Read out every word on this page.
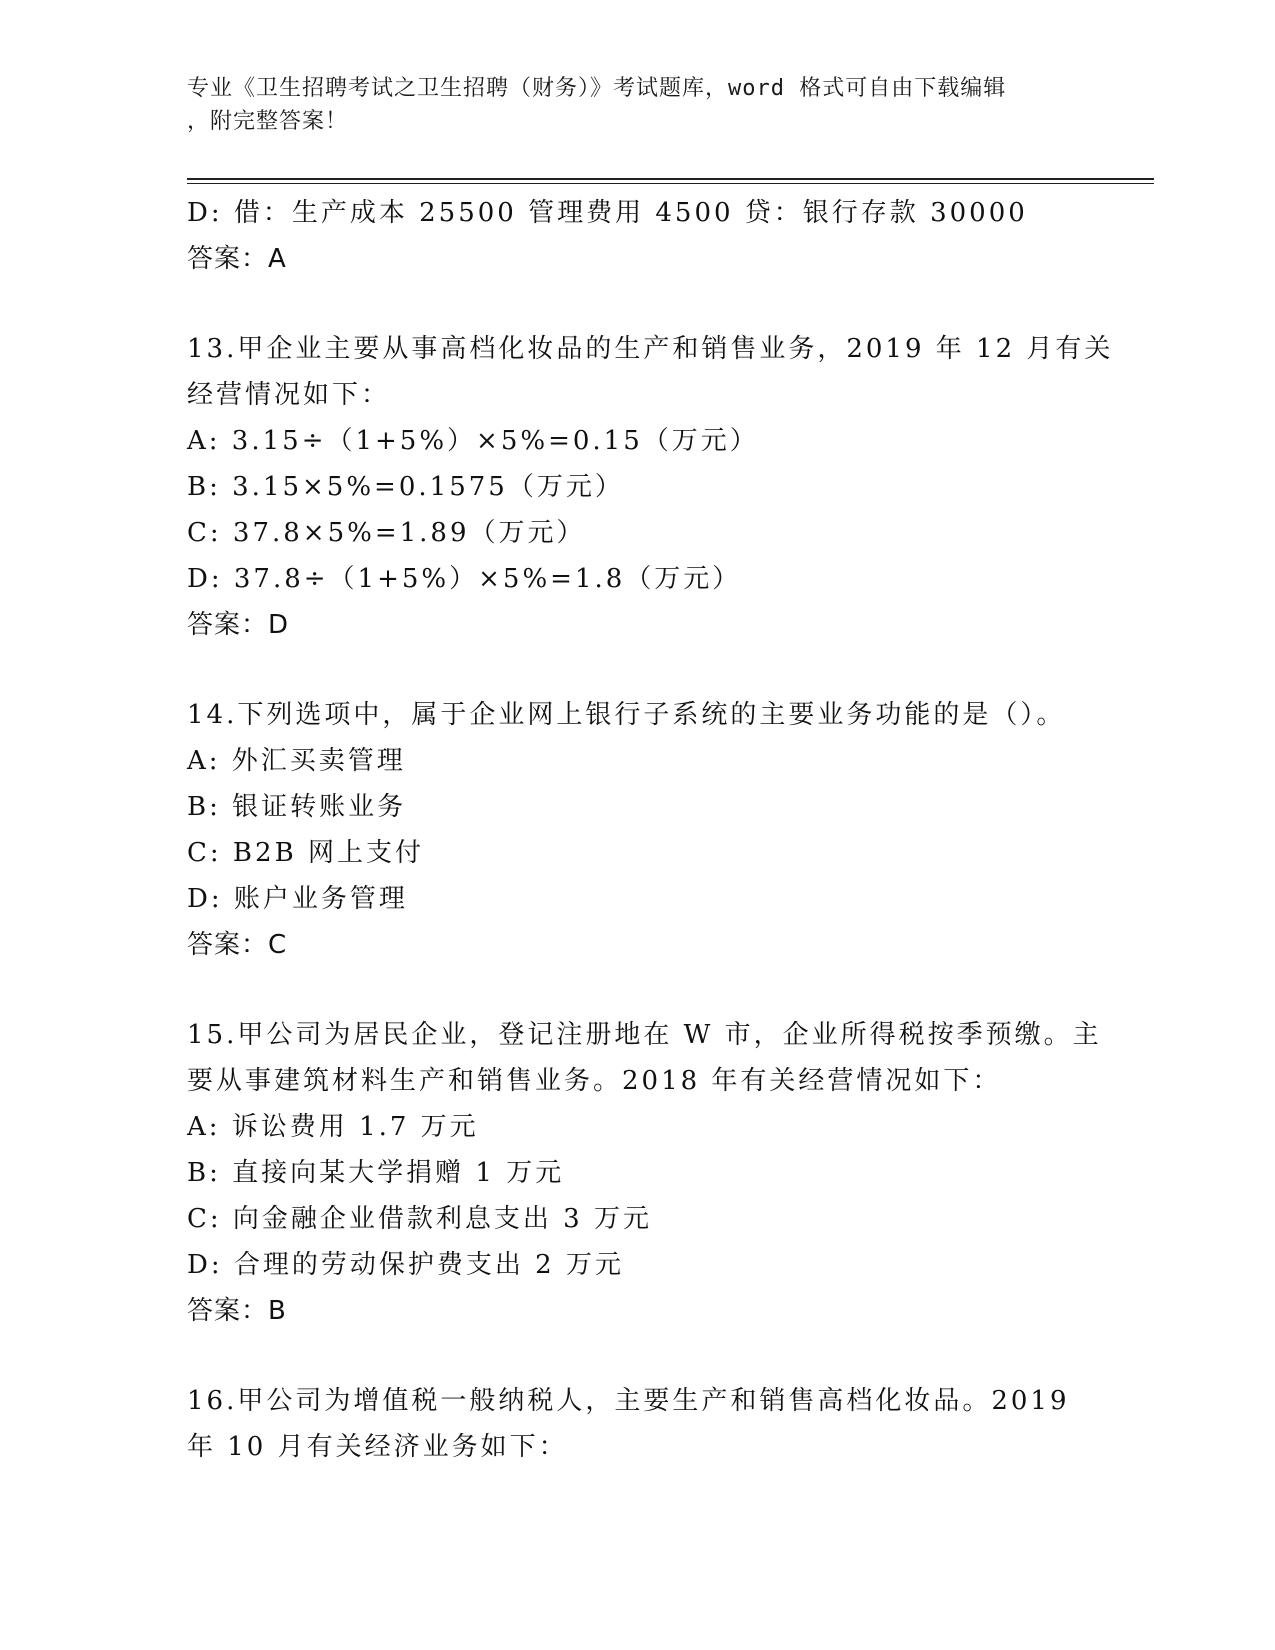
专业《卫生招聘考试之卫生招聘（财务）》考试题库，word 格式可自由下载编辑
，附完整答案！
D: 借：生产成本 25500 管理费用 4500 贷：银行存款 30000
答案：A
13.甲企业主要从事高档化妆品的生产和销售业务，2019 年 12 月有关
经营情况如下：
A: 3.15÷（1+5%）×5%=0.15（万元）
B: 3.15×5%=0.1575（万元）
C: 37.8×5%=1.89（万元）
D: 37.8÷（1+5%）×5%=1.8（万元）
答案：D
14.下列选项中，属于企业网上银行子系统的主要业务功能的是（）。
A: 外汇买卖管理
B: 银证转账业务
C: B2B 网上支付
D: 账户业务管理
答案：C
15.甲公司为居民企业，登记注册地在 W 市，企业所得税按季预缴。主
要从事建筑材料生产和销售业务。2018 年有关经营情况如下：
A: 诉讼费用 1.7 万元
B: 直接向某大学捐赠 1 万元
C: 向金融企业借款利息支出 3 万元
D: 合理的劳动保护费支出 2 万元
答案：B
16.甲公司为增值税一般纳税人，主要生产和销售高档化妆品。2019
年 10 月有关经济业务如下：
